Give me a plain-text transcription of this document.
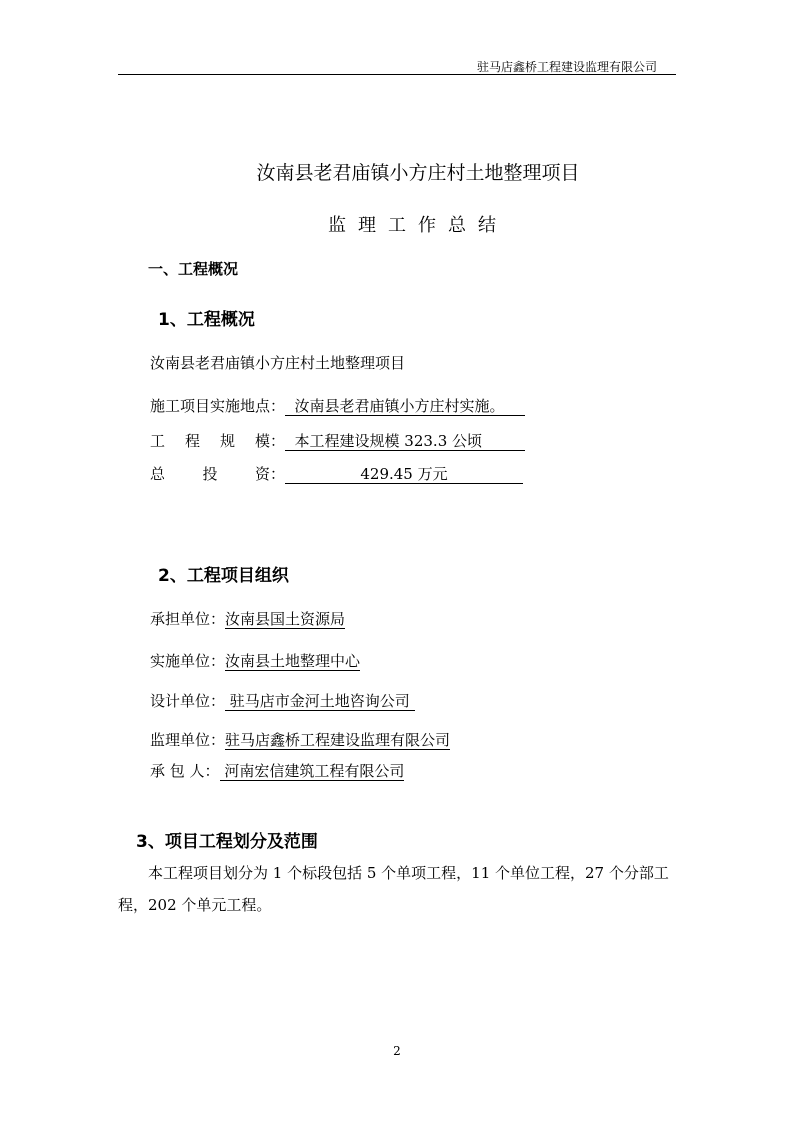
驻马店鑫桥工程建设监理有限公司
汝南县老君庙镇小方庄村土地整理项目
监理工作总结
一、工程概况
1、工程概况
汝南县老君庙镇小方庄村土地整理项目
施工项目实施地点：  汝南县老君庙镇小方庄村实施。
工 程 规 模： 本工程建设规模 323.3 公顷
总 投 资：	429.45 万元
2、工程项目组织
承担单位：汝南县国土资源局
实施单位：汝南县土地整理中心
设计单位： 驻马店市金河土地咨询公司
监理单位：驻马店鑫桥工程建设监理有限公司
承 包 人： 河南宏信建筑工程有限公司
3、项目工程划分及范围
本工程项目划分为 1 个标段包括 5 个单项工程，11 个单位工程，27 个分部工程，202 个单元工程。
2
